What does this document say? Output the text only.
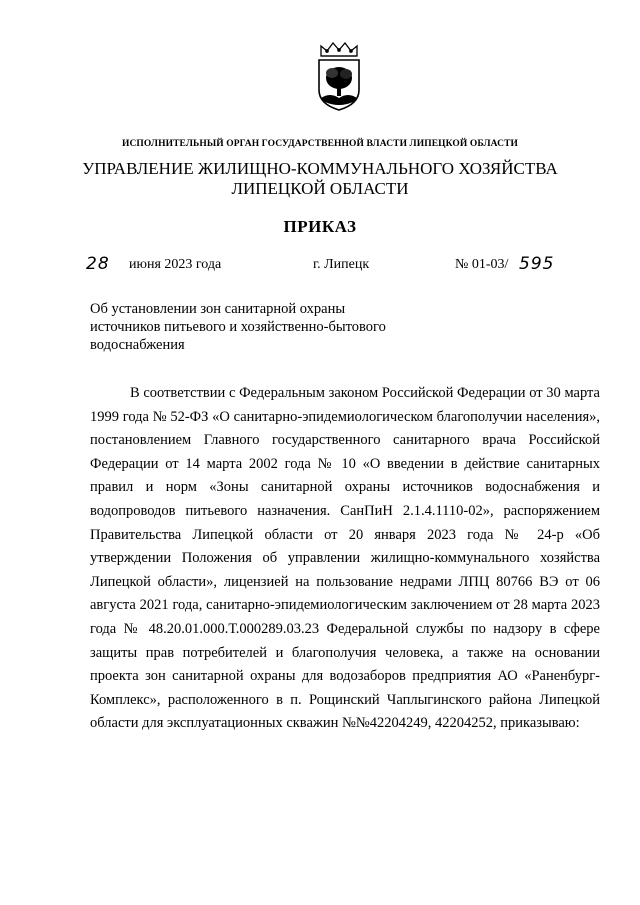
ИСПОЛНИТЕЛЬНЫЙ ОРГАН ГОСУДАРСТВЕННОЙ ВЛАСТИ ЛИПЕЦКОЙ ОБЛАСТИ
УПРАВЛЕНИЕ ЖИЛИЩНО-КОММУНАЛЬНОГО ХОЗЯЙСТВА
ЛИПЕЦКОЙ ОБЛАСТИ
ПРИКАЗ
28 июня 2023 года	г. Липецк	№ 01-03/ 595
Об установлении зон санитарной охраны
источников питьевого и хозяйственно-бытового
водоснабжения

В соответствии с Федеральным законом Российской Федерации от 30 марта 1999 года № 52-ФЗ «О санитарно-эпидемиологическом благополучии населения», постановлением Главного государственного санитарного врача Российской Федерации от 14 марта 2002 года № 10 «О введении в действие санитарных правил и норм «Зоны санитарной охраны источников водоснабжения и водопроводов питьевого назначения. СанПиН 2.1.4.1110-02», распоряжением Правительства Липецкой области от 20 января 2023 года № 24-р «Об утверждении Положения об управлении жилищно-коммунального хозяйства Липецкой области», лицензией на пользование недрами ЛПЦ 80766 ВЭ от 06 августа 2021 года, санитарно-эпидемиологическим заключением от 28 марта 2023 года № 48.20.01.000.Т.000289.03.23 Федеральной службы по надзору в сфере защиты прав потребителей и благополучия человека, а также на основании проекта зон санитарной охраны для водозаборов предприятия АО «Раненбург-Комплекс», расположенного в п. Рощинский Чаплыгинского района Липецкой области для эксплуатационных скважин №№42204249, 42204252, приказываю:
